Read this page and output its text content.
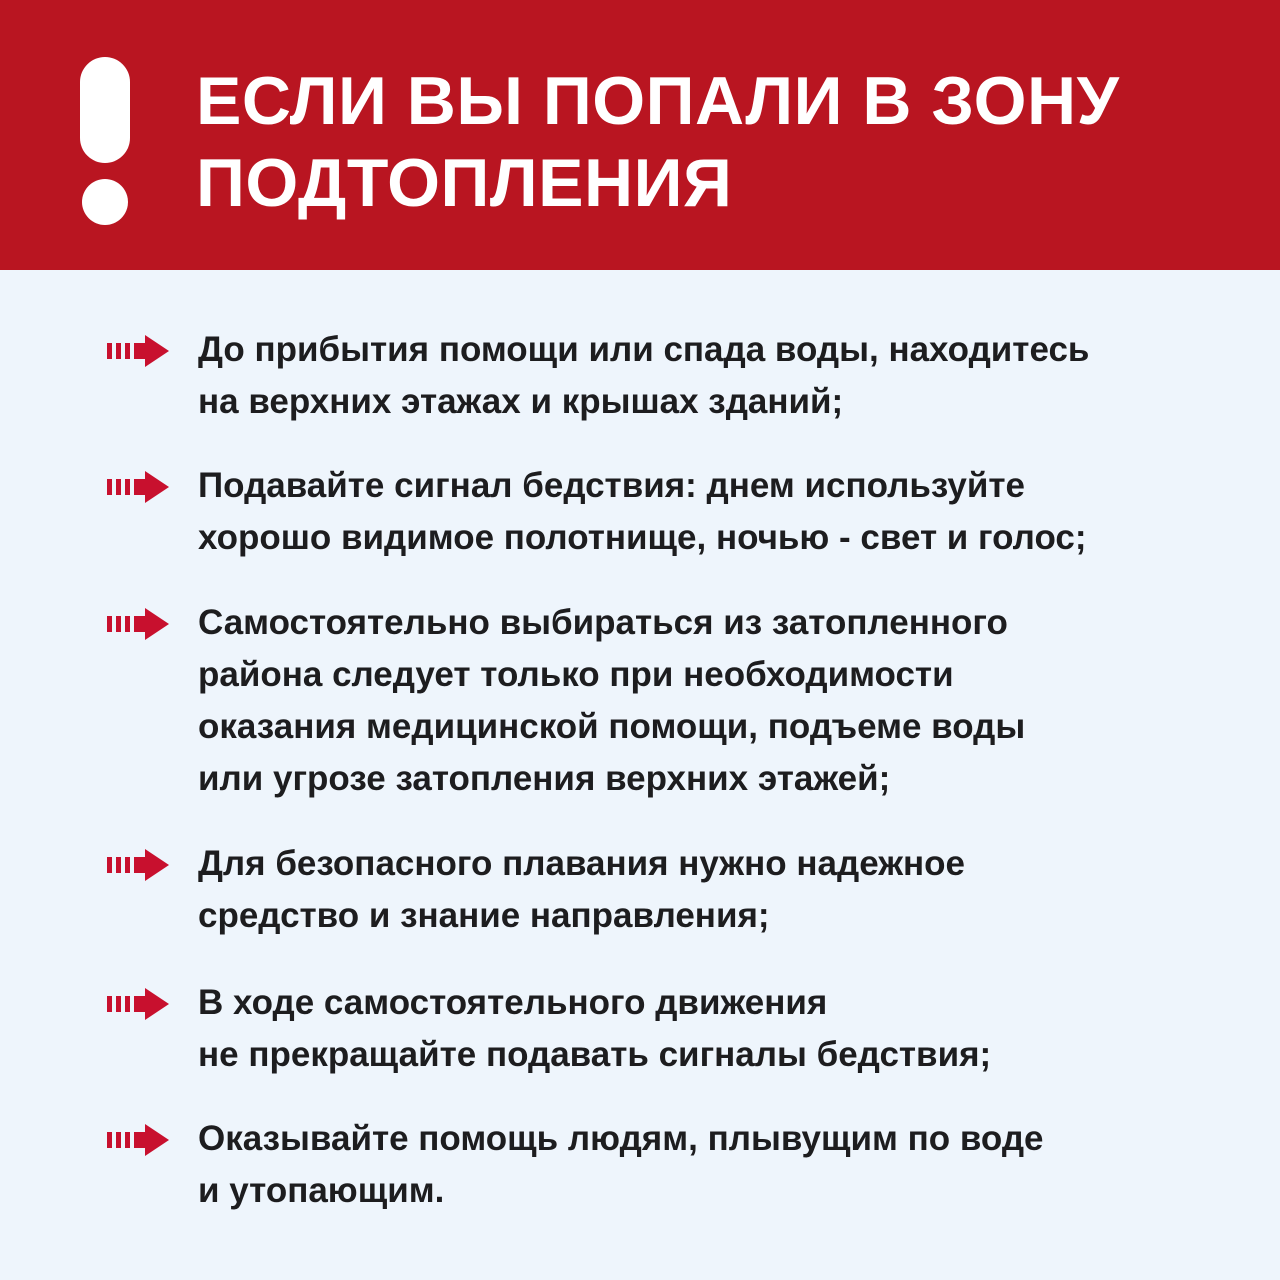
ЕСЛИ ВЫ ПОПАЛИ В ЗОНУ
ПОДТОПЛЕНИЯ
До прибытия помощи или спада воды, находитесь
на верхних этажах и крышах зданий;
Подавайте сигнал бедствия: днем используйте
хорошо видимое полотнище, ночью - свет и голос;
Самостоятельно выбираться из затопленного
района следует только при необходимости
оказания медицинской помощи, подъеме воды
или угрозе затопления верхних этажей;
Для безопасного плавания нужно надежное
средство и знание направления;
В ходе самостоятельного движения
не прекращайте подавать сигналы бедствия;
Оказывайте помощь людям, плывущим по воде
и утопающим.
